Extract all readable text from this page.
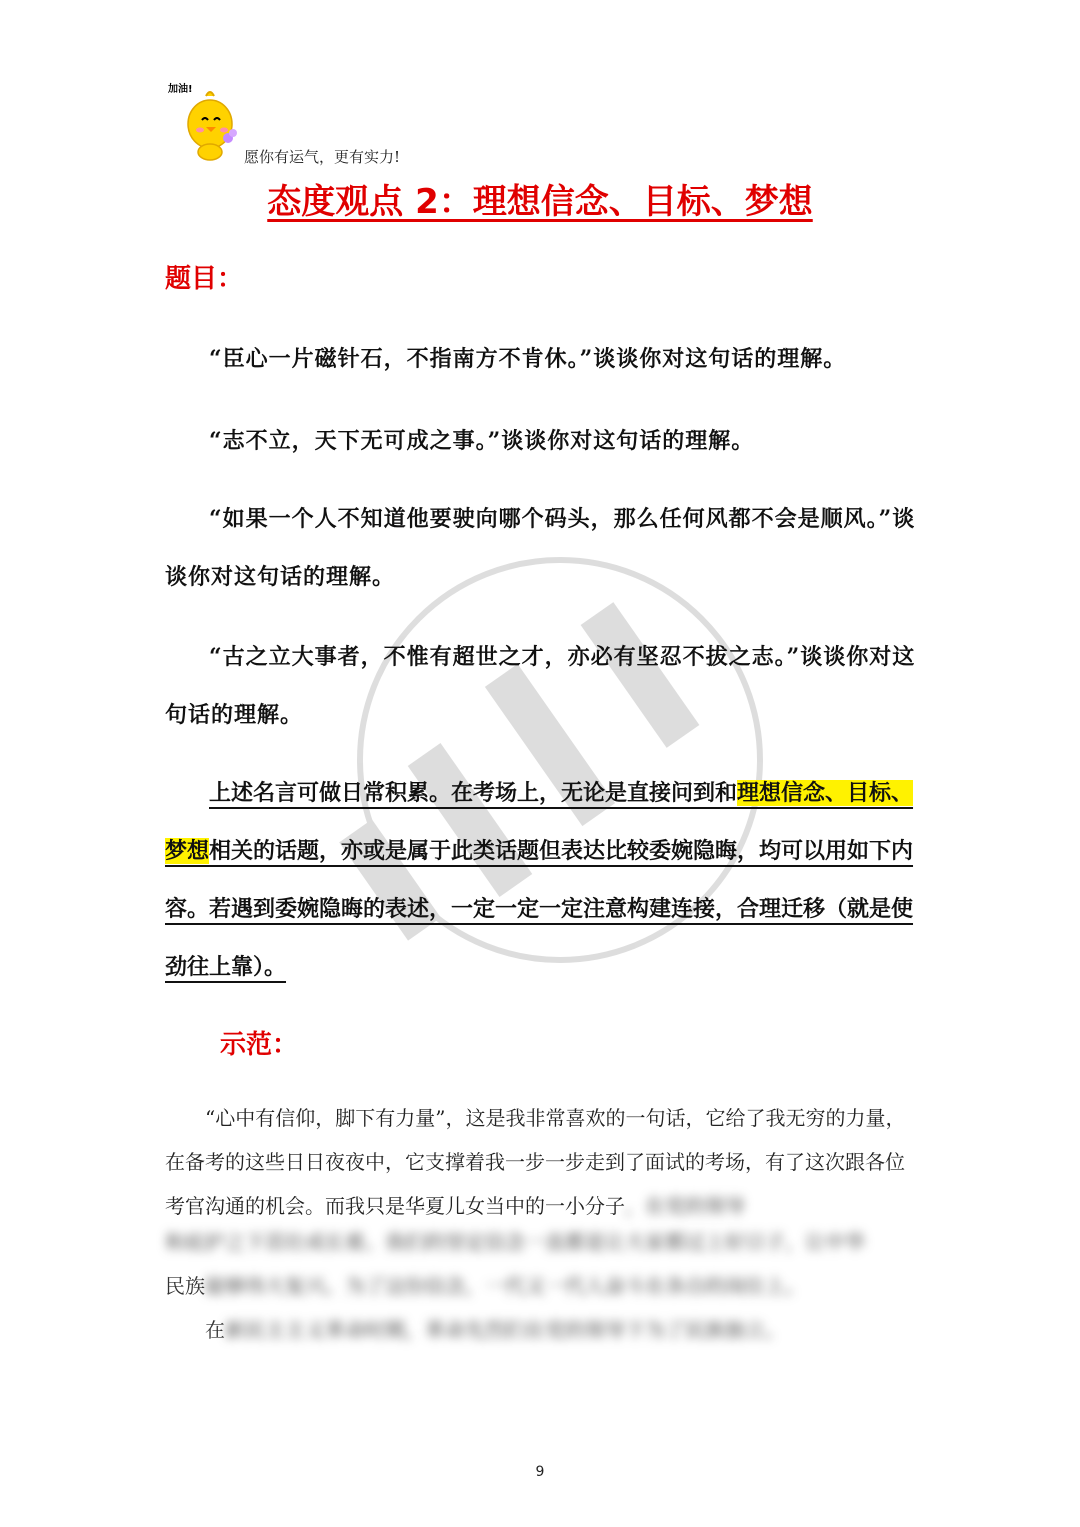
加油!
愿你有运气，更有实力!
态度观点 2：理想信念、目标、梦想
题目：
“臣心一片磁针石，不指南方不肯休。”谈谈你对这句话的理解。
“志不立，天下无可成之事。”谈谈你对这句话的理解。
“如果一个人不知道他要驶向哪个码头，那么任何风都不会是顺风。”谈谈你对这句话的理解。
“古之立大事者，不惟有超世之才，亦必有坚忍不拔之志。”谈谈你对这句话的理解。
上述名言可做日常积累。在考场上，无论是直接问到和理想信念、目标、梦想相关的话题，亦或是属于此类话题但表达比较委婉隐晦，均可以用如下内容。若遇到委婉隐晦的表述，一定一定一定注意构建连接，合理迁移（就是使劲往上靠）。
示范：
“心中有信仰，脚下有力量”，这是我非常喜欢的一句话，它给了我无穷的力量，在备考的这些日日夜夜中，它支撑着我一步一步走到了面试的考场，有了这次跟各位考官沟通的机会。而我只是华夏儿女当中的一小分子，在党的领导
和庇护之下茁壮成长着。我们的坚定信念一直都是让大家都过上好日子，让中华
民族能够伟大复兴。为了这份信念，一代又一代人奋斗在各自的岗位上。
在新民主主义革命时期，革命先烈们在党的领导下为了民族独立。
9
